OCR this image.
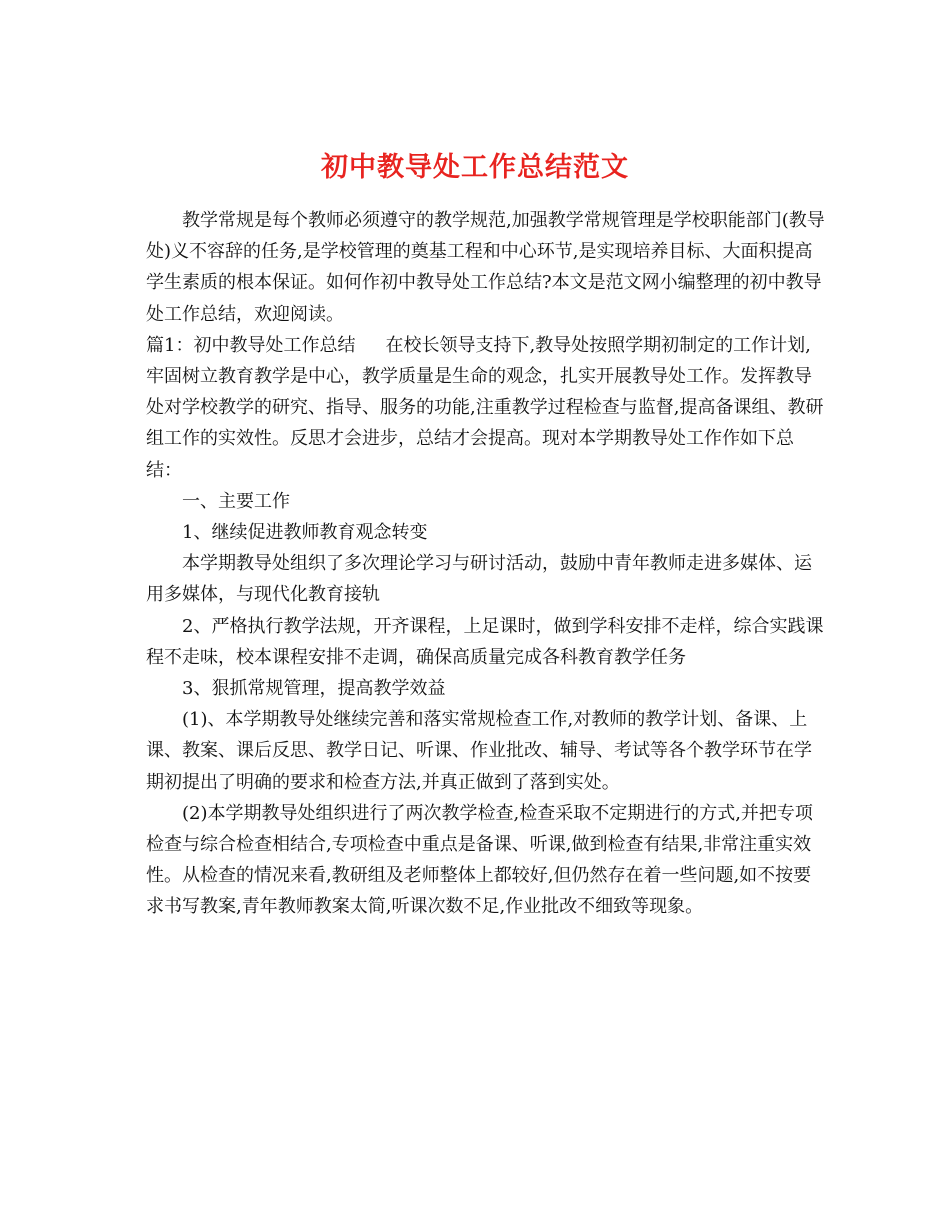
初中教导处工作总结范文

教学常规是每个教师必须遵守的教学规范,加强教学常规管理是学校职能部门(教导处)义不容辞的任务,是学校管理的奠基工程和中心环节,是实现培养目标、大面积提高学生素质的根本保证。如何作初中教导处工作总结?本文是范文网小编整理的初中教导处工作总结，欢迎阅读。

篇1：初中教导处工作总结 在校长领导支持下,教导处按照学期初制定的工作计划,牢固树立教育教学是中心，教学质量是生命的观念，扎实开展教导处工作。发挥教导处对学校教学的研究、指导、服务的功能,注重教学过程检查与监督,提高备课组、教研组工作的实效性。反思才会进步，总结才会提高。现对本学期教导处工作作如下总结：

一、主要工作

1、继续促进教师教育观念转变

本学期教导处组织了多次理论学习与研讨活动，鼓励中青年教师走进多媒体、运用多媒体，与现代化教育接轨

2、严格执行教学法规，开齐课程，上足课时，做到学科安排不走样，综合实践课程不走味，校本课程安排不走调，确保高质量完成各科教育教学任务

3、狠抓常规管理，提高教学效益

(1)、本学期教导处继续完善和落实常规检查工作,对教师的教学计划、备课、上课、教案、课后反思、教学日记、听课、作业批改、辅导、考试等各个教学环节在学期初提出了明确的要求和检查方法,并真正做到了落到实处。

(2)本学期教导处组织进行了两次教学检查,检查采取不定期进行的方式,并把专项检查与综合检查相结合,专项检查中重点是备课、听课,做到检查有结果,非常注重实效性。从检查的情况来看,教研组及老师整体上都较好,但仍然存在着一些问题,如不按要求书写教案,青年教师教案太简,听课次数不足,作业批改不细致等现象。
